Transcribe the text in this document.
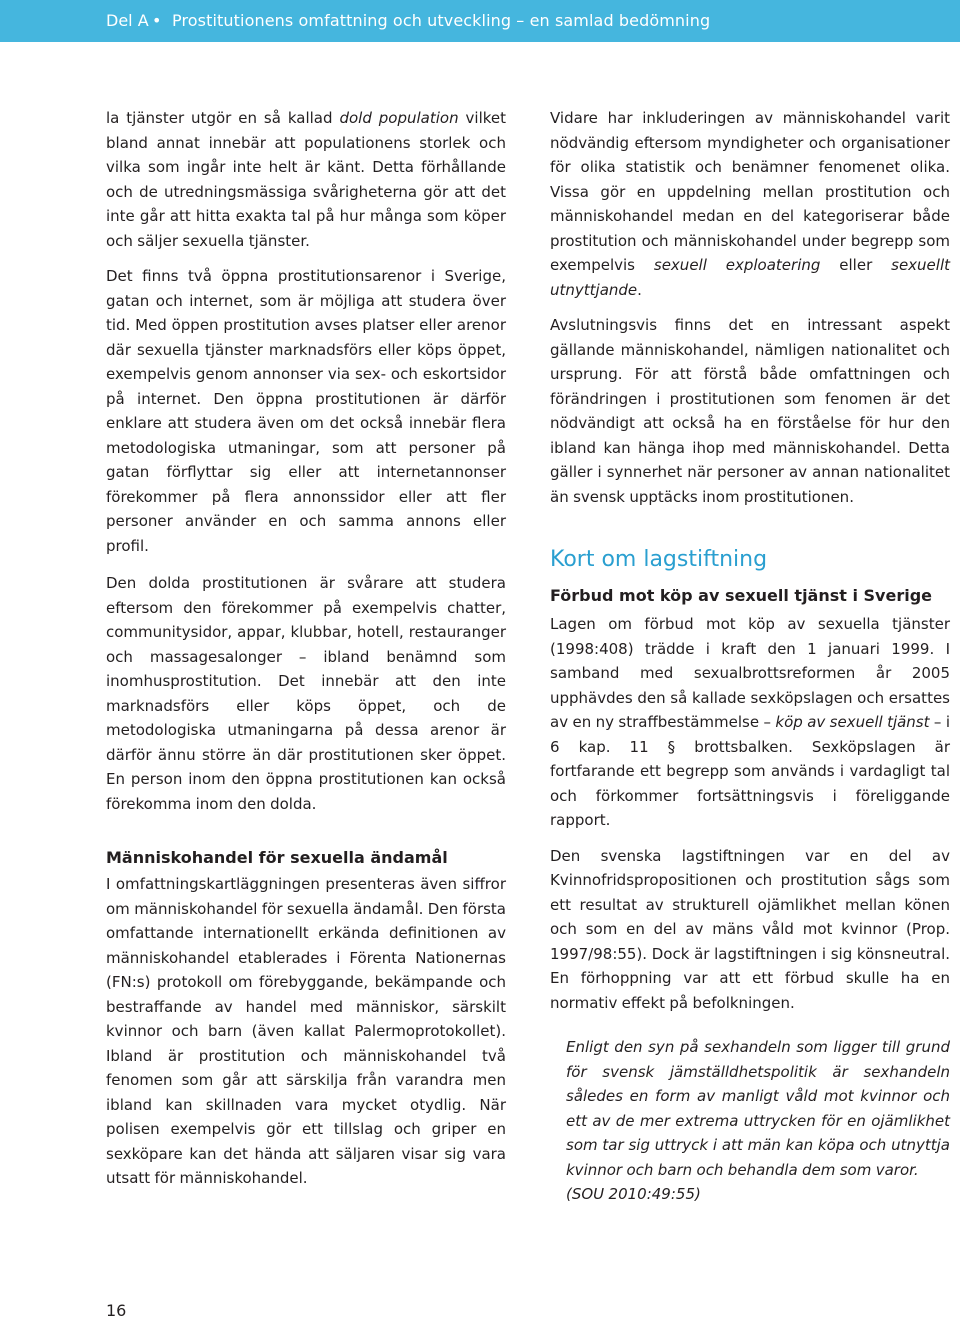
Del A • Prostitutionens omfattning och utveckling – en samlad bedömning

la tjänster utgör en så kallad dold population vilket bland annat innebär att populationens storlek och vilka som ingår inte helt är känt. Detta förhållande och de utredningsmässiga svårigheterna gör att det inte går att hitta exakta tal på hur många som köper och säljer sexuella tjänster.

Det finns två öppna prostitutionsarenor i Sverige, gatan och internet, som är möjliga att studera över tid. Med öppen prostitution avses platser eller arenor där sexuella tjänster marknadsförs eller köps öppet, exempelvis genom annonser via sex- och eskortsidor på internet. Den öppna prostitutionen är därför enklare att studera även om det också innebär flera metodologiska utmaningar, som att personer på gatan förflyttar sig eller att internetannonser förekommer på flera annonssidor eller att fler personer använder en och samma annons eller profil.

Den dolda prostitutionen är svårare att studera eftersom den förekommer på exempelvis chatter, communitysidor, appar, klubbar, hotell, restauranger och massagesalonger – ibland benämnd som inomhusprostitution. Det innebär att den inte marknadsförs eller köps öppet, och de metodologiska utmaningarna på dessa arenor är därför ännu större än där prostitutionen sker öppet. En person inom den öppna prostitutionen kan också förekomma inom den dolda.

Människohandel för sexuella ändamål

I omfattningskartläggningen presenteras även siffror om människohandel för sexuella ändamål. Den första omfattande internationellt erkända definitionen av människohandel etablerades i Förenta Nationernas (FN:s) protokoll om förebyggande, bekämpande och bestraffande av handel med människor, särskilt kvinnor och barn (även kallat Palermoprotokollet). Ibland är prostitution och människohandel två fenomen som går att särskilja från varandra men ibland kan skillnaden vara mycket otydlig. När polisen exempelvis gör ett tillslag och griper en sexköpare kan det hända att säljaren visar sig vara utsatt för människohandel.

Vidare har inkluderingen av människohandel varit nödvändig eftersom myndigheter och organisationer för olika statistik och benämner fenomenet olika. Vissa gör en uppdelning mellan prostitution och människohandel medan en del kategoriserar både prostitution och människohandel under begrepp som exempelvis sexuell exploatering eller sexuellt utnyttjande.

Avslutningsvis finns det en intressant aspekt gällande människohandel, nämligen nationalitet och ursprung. För att förstå både omfattningen och förändringen i prostitutionen som fenomen är det nödvändigt att också ha en förståelse för hur den ibland kan hänga ihop med människohandel. Detta gäller i synnerhet när personer av annan nationalitet än svensk upptäcks inom prostitutionen.

Kort om lagstiftning
Förbud mot köp av sexuell tjänst i Sverige

Lagen om förbud mot köp av sexuella tjänster (1998:408) trädde i kraft den 1 januari 1999. I samband med sexualbrottsreformen år 2005 upphävdes den så kallade sexköpslagen och ersattes av en ny straffbestämmelse – köp av sexuell tjänst – i 6 kap. 11 § brottsbalken. Sexköpslagen är fortfarande ett begrepp som används i vardagligt tal och förkommer fortsättningsvis i föreliggande rapport.

Den svenska lagstiftningen var en del av Kvinnofridspropositionen och prostitution sågs som ett resultat av strukturell ojämlikhet mellan könen och som en del av mäns våld mot kvinnor (Prop. 1997/98:55). Dock är lagstiftningen i sig könsneutral. En förhoppning var att ett förbud skulle ha en normativ effekt på befolkningen.

Enligt den syn på sexhandeln som ligger till grund för svensk jämställdhetspolitik är sexhandeln således en form av manligt våld mot kvinnor och ett av de mer extrema uttrycken för en ojämlikhet som tar sig uttryck i att män kan köpa och utnyttja kvinnor och barn och behandla dem som varor.
(SOU 2010:49:55)
16
